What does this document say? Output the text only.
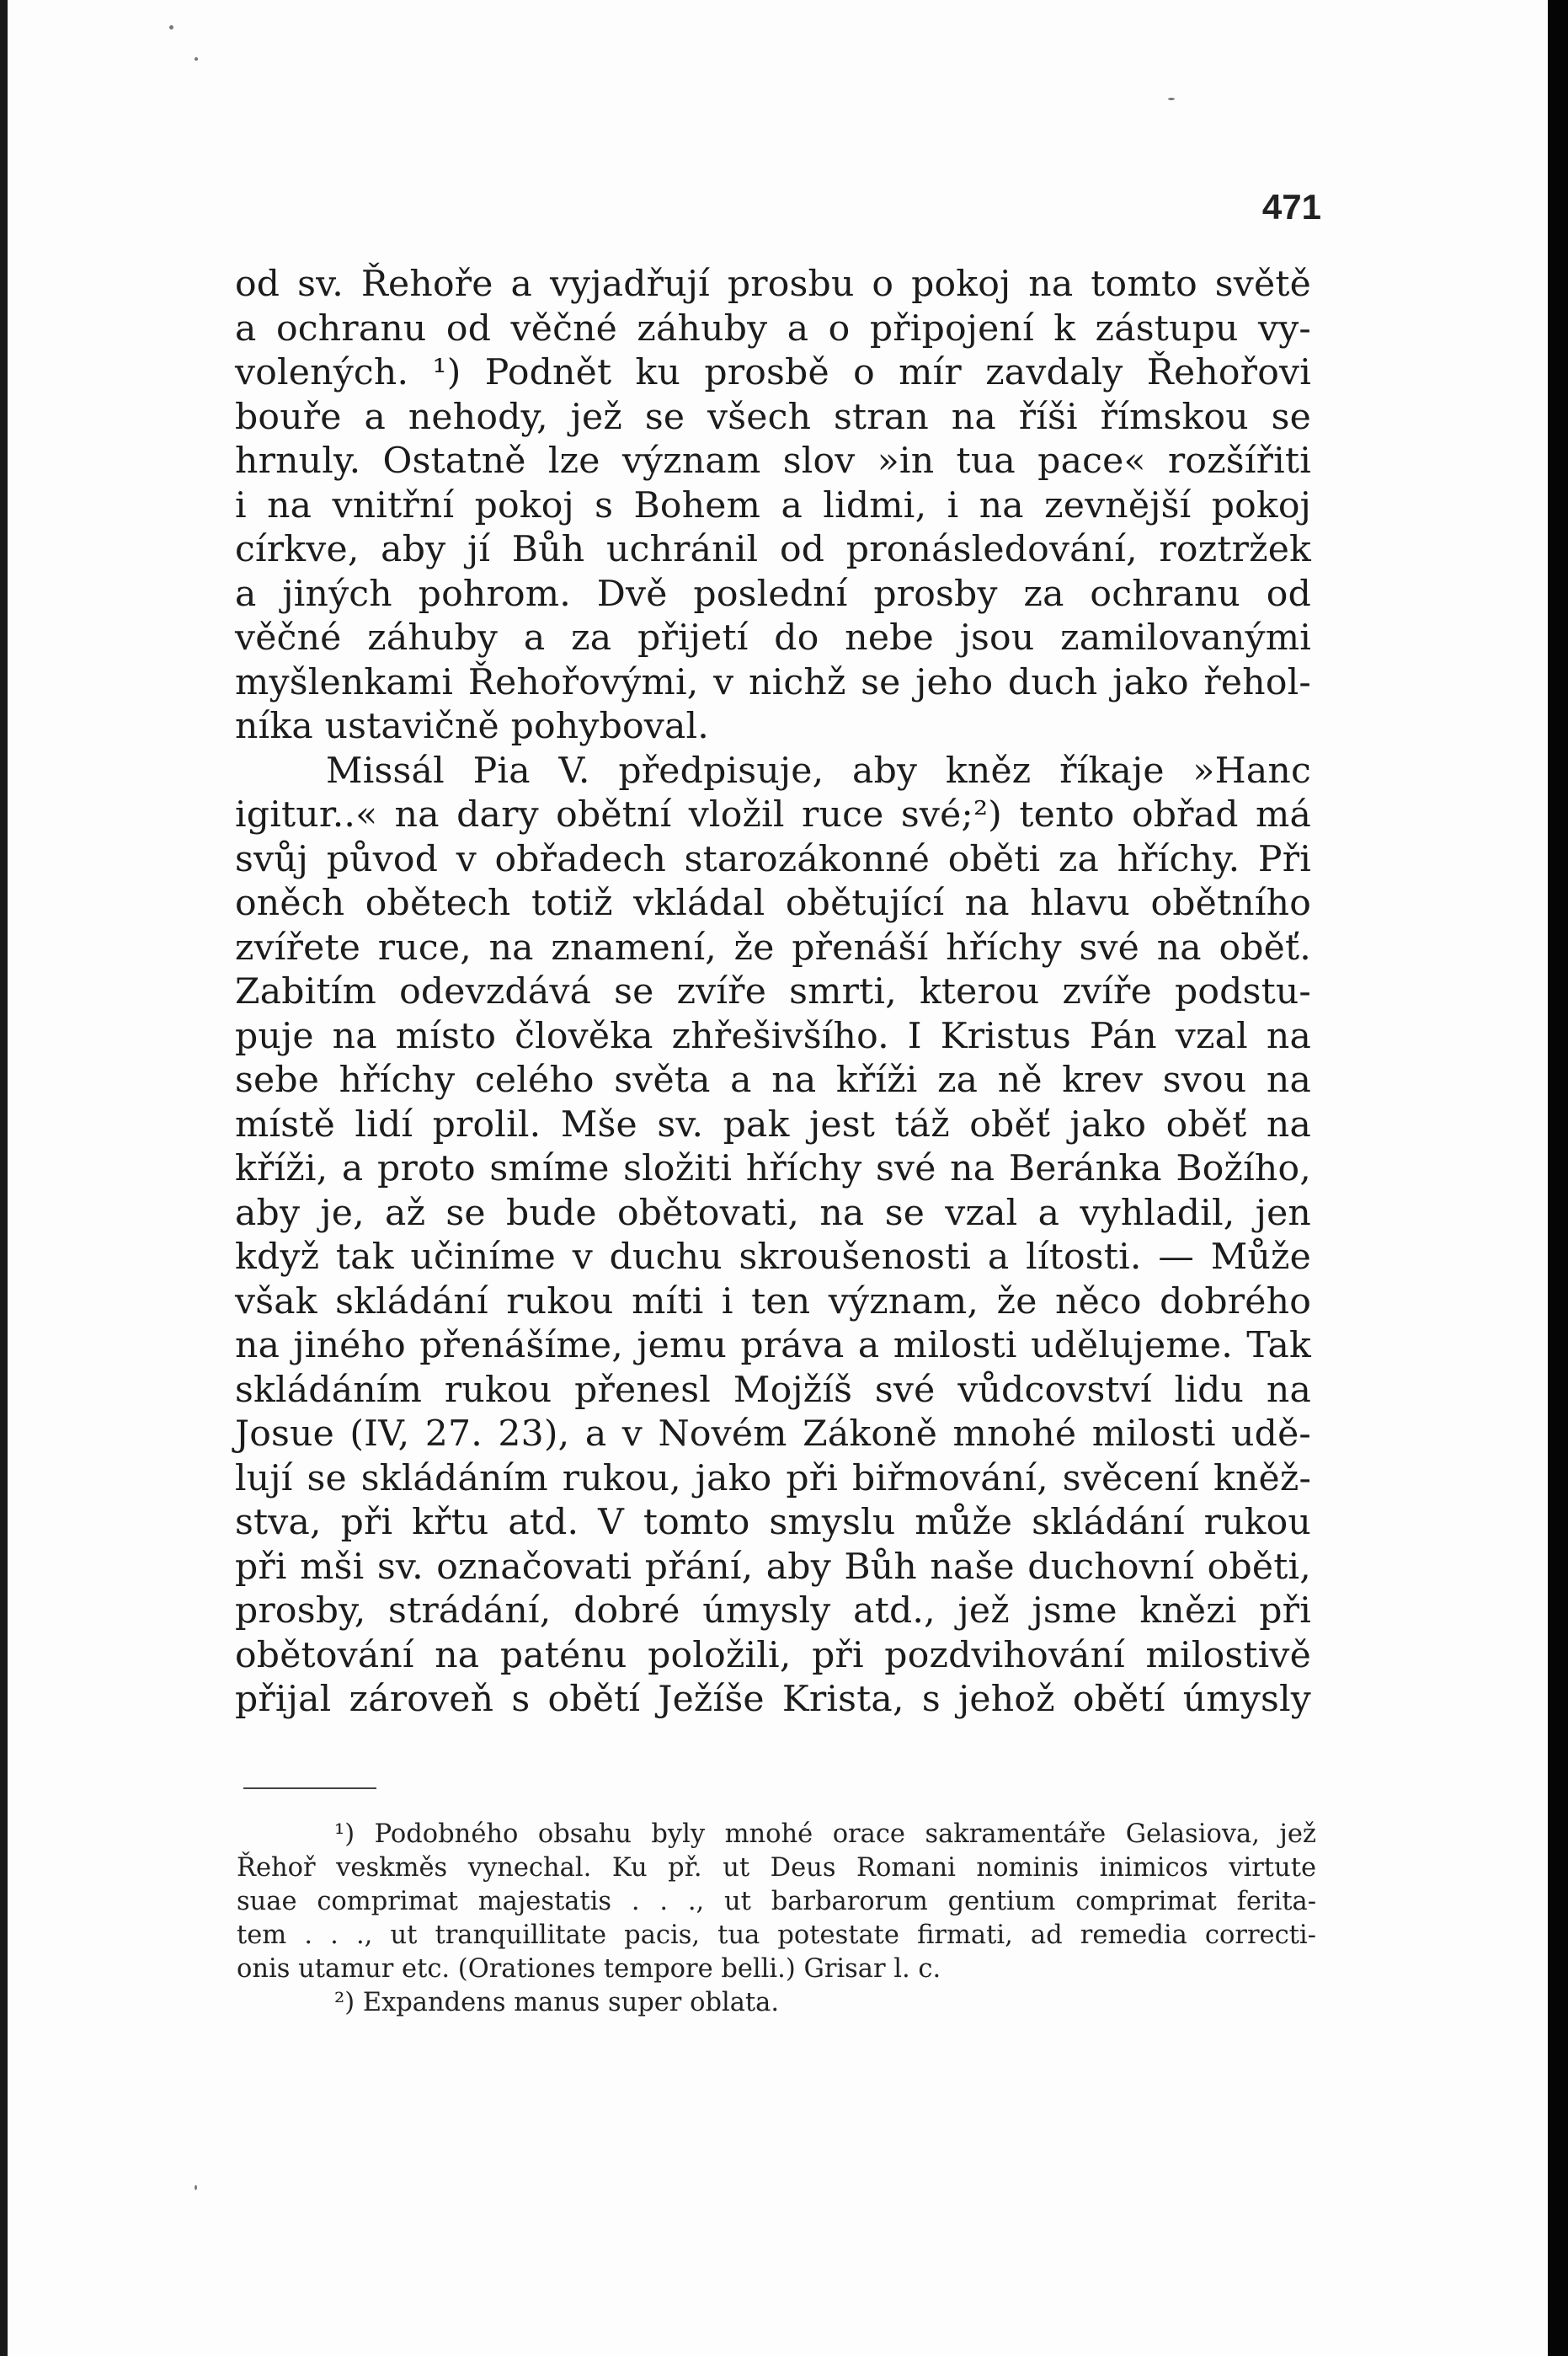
471
od sv. Řehoře a vyjadřují prosbu o pokoj na tomto světě
a ochranu od věčné záhuby a o připojení k zástupu vy-
volených. ¹) Podnět ku prosbě o mír zavdaly Řehořovi
bouře a nehody, jež se všech stran na říši římskou se
hrnuly. Ostatně lze význam slov »in tua pace« rozšířiti
i na vnitřní pokoj s Bohem a lidmi, i na zevnější pokoj
církve, aby jí Bůh uchránil od pronásledování, roztržek
a jiných pohrom. Dvě poslední prosby za ochranu od
věčné záhuby a za přijetí do nebe jsou zamilovanými
myšlenkami Řehořovými, v nichž se jeho duch jako řehol-
níka ustavičně pohyboval.
Missál Pia V. předpisuje, aby kněz říkaje »Hanc
igitur..« na dary obětní vložil ruce své;²) tento obřad má
svůj původ v obřadech starozákonné oběti za hříchy. Při
oněch obětech totiž vkládal obětující na hlavu obětního
zvířete ruce, na znamení, že přenáší hříchy své na oběť.
Zabitím odevzdává se zvíře smrti, kterou zvíře podstu-
puje na místo člověka zhřešivšího. I Kristus Pán vzal na
sebe hříchy celého světa a na kříži za ně krev svou na
místě lidí prolil. Mše sv. pak jest táž oběť jako oběť na
kříži, a proto smíme složiti hříchy své na Beránka Božího,
aby je, až se bude obětovati, na se vzal a vyhladil, jen
když tak učiníme v duchu skroušenosti a lítosti. — Může
však skládání rukou míti i ten význam, že něco dobrého
na jiného přenášíme, jemu práva a milosti udělujeme. Tak
skládáním rukou přenesl Mojžíš své vůdcovství lidu na
Josue (IV, 27. 23), a v Novém Zákoně mnohé milosti udě-
lují se skládáním rukou, jako při biřmování, svěcení kněž-
stva, při křtu atd. V tomto smyslu může skládání rukou
při mši sv. označovati přání, aby Bůh naše duchovní oběti,
prosby, strádání, dobré úmysly atd., jež jsme knězi při
obětování na paténu položili, při pozdvihování milostivě
přijal zároveň s obětí Ježíše Krista, s jehož obětí úmysly
¹) Podobného obsahu byly mnohé orace sakramentáře Gelasiova, jež
Řehoř veskměs vynechal. Ku př. ut Deus Romani nominis inimicos virtute
suae comprimat majestatis . . ., ut barbarorum gentium comprimat ferita-
tem . . ., ut tranquillitate pacis, tua potestate firmati, ad remedia correcti-
onis utamur etc. (Orationes tempore belli.) Grisar l. c.
²) Expandens manus super oblata.
